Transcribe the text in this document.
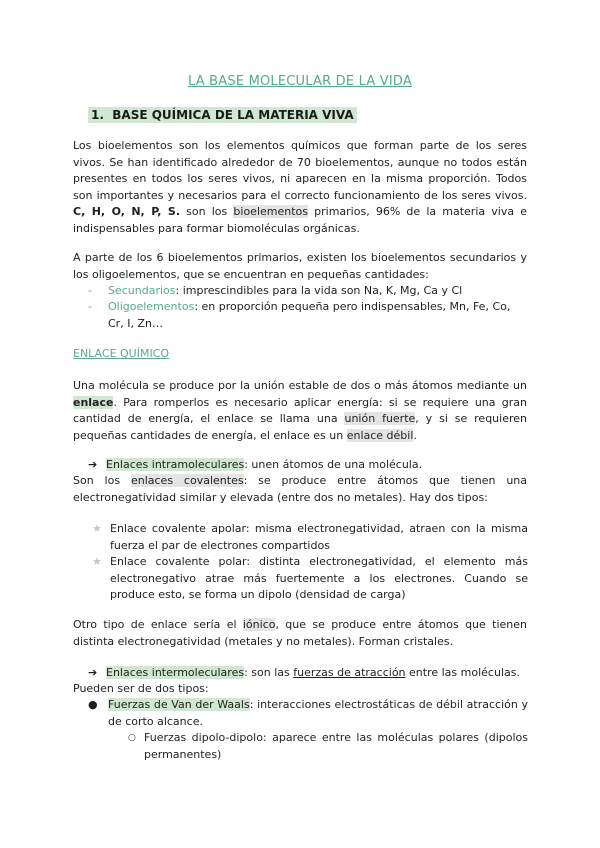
LA BASE MOLECULAR DE LA VIDA
1. BASE QUÍMICA DE LA MATERIA VIVA
Los bioelementos son los elementos químicos que forman parte de los seres vivos. Se han identificado alrededor de 70 bioelementos, aunque no todos están presentes en todos los seres vivos, ni aparecen en la misma proporción. Todos son importantes y necesarios para el correcto funcionamiento de los seres vivos. C, H, O, N, P, S. son los bioelementos primarios, 96% de la materia viva e indispensables para formar biomoléculas orgánicas.
A parte de los 6 bioelementos primarios, existen los bioelementos secundarios y los oligoelementos, que se encuentran en pequeñas cantidades:
- Secundarios: imprescindibles para la vida son Na, K, Mg, Ca y Cl
- Oligoelementos: en proporción pequeña pero indispensables, Mn, Fe, Co, Cr, I, Zn…
ENLACE QUÍMICO
Una molécula se produce por la unión estable de dos o más átomos mediante un enlace. Para romperlos es necesario aplicar energía: si se requiere una gran cantidad de energía, el enlace se llama una unión fuerte, y si se requieren pequeñas cantidades de energía, el enlace es un enlace débil.
➔ Enlaces intramoleculares: unen átomos de una molécula.
Son los enlaces covalentes: se produce entre átomos que tienen una electronegatividad similar y elevada (entre dos no metales). Hay dos tipos:
★ Enlace covalente apolar: misma electronegatividad, atraen con la misma fuerza el par de electrones compartidos
★ Enlace covalente polar: distinta electronegatividad, el elemento más electronegativo atrae más fuertemente a los electrones. Cuando se produce esto, se forma un dipolo (densidad de carga)
Otro tipo de enlace sería el iónico, que se produce entre átomos que tienen distinta electronegatividad (metales y no metales). Forman cristales.
➔ Enlaces intermoleculares: son las fuerzas de atracción entre las moléculas.
Pueden ser de dos tipos:
● Fuerzas de Van der Waals: interacciones electrostáticas de débil atracción y de corto alcance.
○ Fuerzas dipolo-dipolo: aparece entre las moléculas polares (dipolos permanentes)
